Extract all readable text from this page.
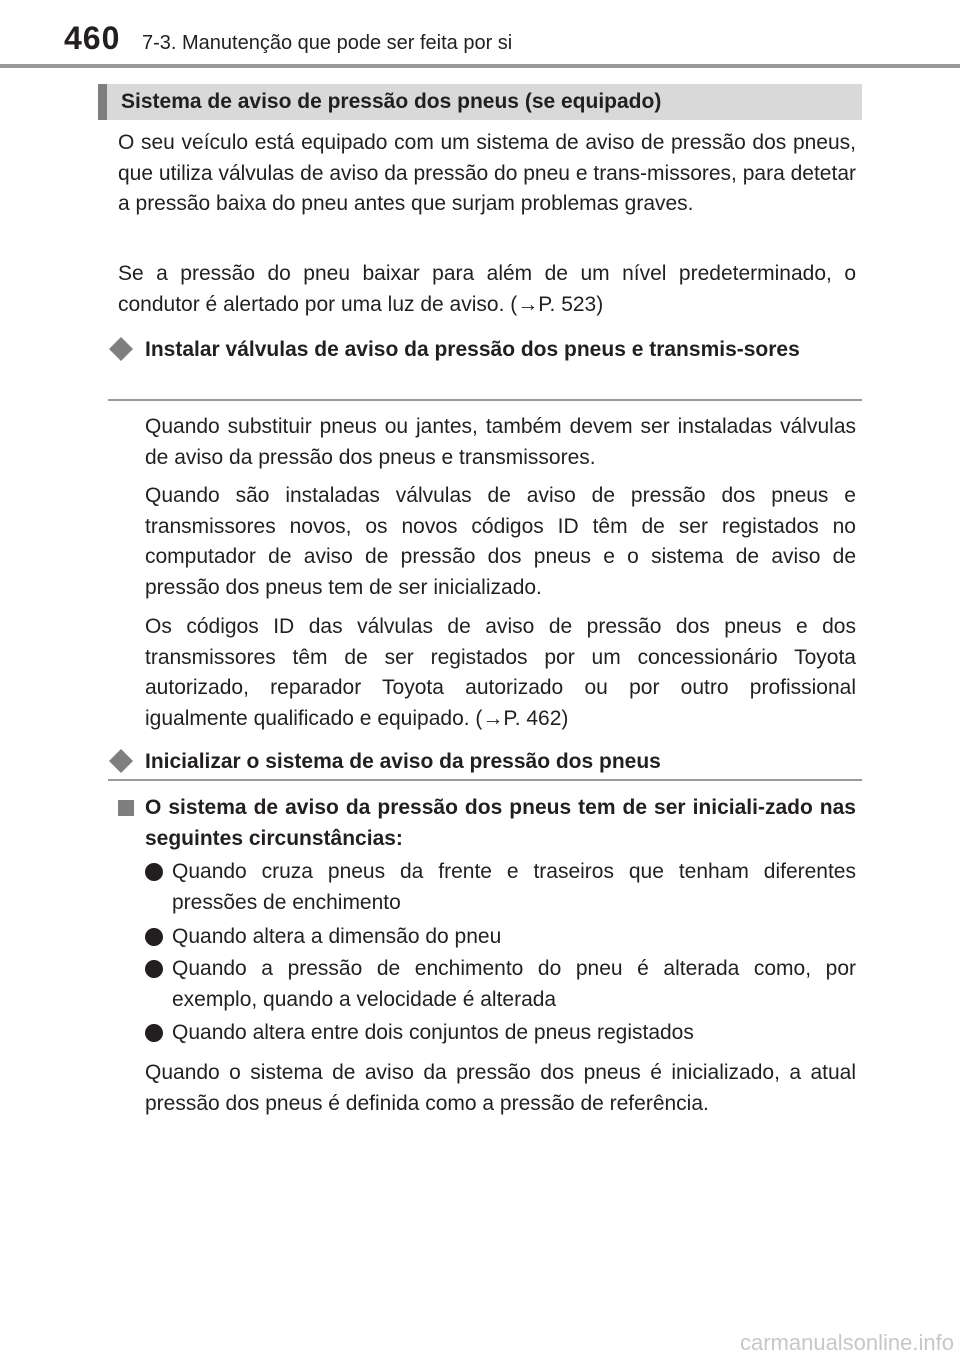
460 7-3. Manutenção que pode ser feita por si
Sistema de aviso de pressão dos pneus (se equipado)

O seu veículo está equipado com um sistema de aviso de pressão dos pneus, que utiliza válvulas de aviso da pressão do pneu e trans-missores, para detetar a pressão baixa do pneu antes que surjam problemas graves.

Se a pressão do pneu baixar para além de um nível predeterminado, o condutor é alertado por uma luz de aviso. (→P. 523)

Instalar válvulas de aviso da pressão dos pneus e transmis-sores

Quando substituir pneus ou jantes, também devem ser instaladas válvulas de aviso da pressão dos pneus e transmissores.

Quando são instaladas válvulas de aviso de pressão dos pneus e transmissores novos, os novos códigos ID têm de ser registados no computador de aviso de pressão dos pneus e o sistema de aviso de pressão dos pneus tem de ser inicializado.

Os códigos ID das válvulas de aviso de pressão dos pneus e dos transmissores têm de ser registados por um concessionário Toyota autorizado, reparador Toyota autorizado ou por outro profissional igualmente qualificado e equipado. (→P. 462)

Inicializar o sistema de aviso da pressão dos pneus
O sistema de aviso da pressão dos pneus tem de ser iniciali-zado nas seguintes circunstâncias:
Quando cruza pneus da frente e traseiros que tenham diferentes pressões de enchimento
Quando altera a dimensão do pneu
Quando a pressão de enchimento do pneu é alterada como, por exemplo, quando a velocidade é alterada
Quando altera entre dois conjuntos de pneus registados

Quando o sistema de aviso da pressão dos pneus é inicializado, a atual pressão dos pneus é definida como a pressão de referência.

carmanualsonline.info
